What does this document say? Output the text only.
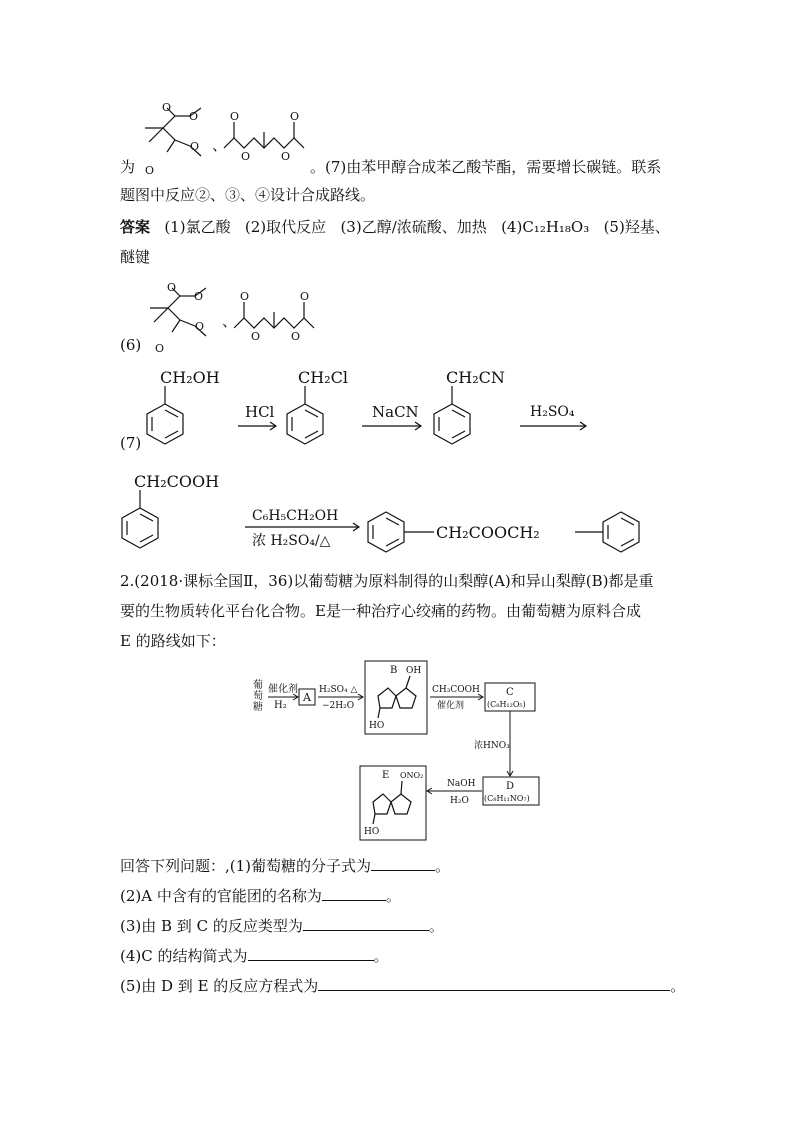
O
O
O 、
O	O
O	O
为 O	。(7)由苯甲醇合成苯乙酸苄酯，需要增长碳链。联系
题图中反应②、③、④设计合成路线。
答案 (1)氯乙酸 (2)取代反应 (3)乙醇/浓硫酸、加热 (4)C₁₂H₁₈O₃ (5)羟基、
醚键
O
O
O 、
O	O
O	O
(6) O
(7)
CH₂OH
HCl
CH₂Cl
NaCN
CH₂CN
H₂SO₄
CH₂COOH
C₆H₅CH₂OH
浓 H₂SO₄/△	CH₂COOCH₂
2.(2018·课标全国Ⅱ，36)以葡萄糖为原料制得的山梨醇(A)和异山梨醇(B)都是重
要的生物质转化平台化合物。E是一种治疗心绞痛的药物。由葡萄糖为原料合成
E 的路线如下：
葡
萄
糖
催化剂
H₂
A
H₂SO₄ △
−2H₂O
B OH
HO
CH₃COOH
催化剂
C
(C₈H₁₂O₅)
浓HNO₃
D
(C₈H₁₁NO₇)
NaOH
H₂O
E ONO₂
HO
回答下列问题：,(1)葡萄糖的分子式为	。
(2)A 中含有的官能团的名称为	。
(3)由 B 到 C 的反应类型为	。
(4)C 的结构简式为	。
(5)由 D 到 E 的反应方程式为	。
